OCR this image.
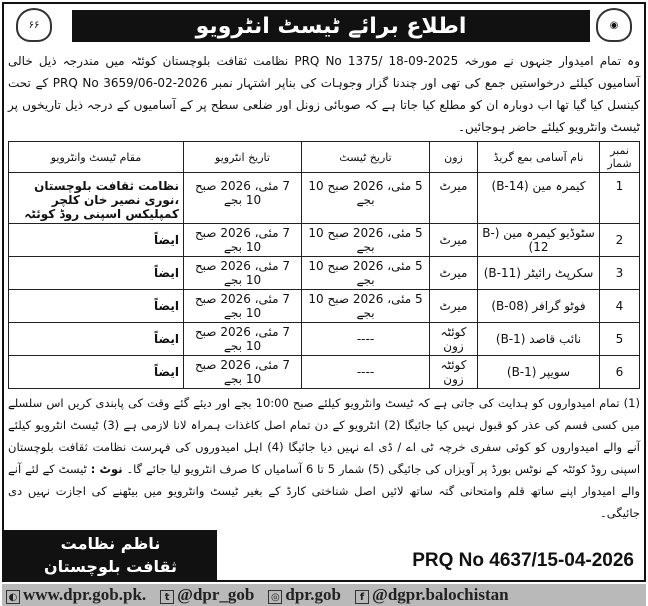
◉
۶۶	اطلاع برائے ٹیسٹ انٹرویو
وہ تمام امیدوار جنہوں نے مورخہ PRQ No 1375/ 18-09-2025 نظامت ثقافت بلوچستان کوئٹہ میں مندرجہ ذیل خالی آسامیوں کیلئے درخواستیں جمع کی تھی اور چندنا گزار وجوہات کی بناپر اشتہار نمبر PRQ No 3659/06-02-2026 کے تحت کینسل کیا گیا تھا اب دوبارہ ان کو مطلع کیا جاتا ہے کہ صوبائی زونل اور ضلعی سطح پر کے آسامیوں کے درجہ ذیل تاریخوں پر ٹیسٹ وانٹرویو کیلئے حاضر ہوجائیں۔
نمبر شمار	نام آسامی بمع گریڈ	زون	تاریخ ٹیسٹ	تاریخ انٹرویو	مقام ٹیسٹ وانٹرویو
1	کیمرہ مین (B-14)	میرٹ	5 مئی، 2026 صبح 10 بجے	7 مئی، 2026 صبح 10 بجے	نظامت ثقافت بلوچستان ،نوری نصیر خان کلچر کمپلیکس اسپنی روڈ کوئٹہ
2	سٹوڈیو کیمرہ مین (B-12)	میرٹ	5 مئی، 2026 صبح 10 بجے	7 مئی، 2026 صبح 10 بجے	ایضاً
3	سکرپٹ رائیٹر (B-11)	میرٹ	5 مئی، 2026 صبح 10 بجے	7 مئی، 2026 صبح 10 بجے	ایضاً
4	فوٹو گرافر (B-08)	میرٹ	5 مئی، 2026 صبح 10 بجے	7 مئی، 2026 صبح 10 بجے	ایضاً
5	نائب قاصد (B-1)	کوئٹہ زون	----	7 مئی، 2026 صبح 10 بجے	ایضاً
6	سویپر (B-1)	کوئٹہ زون	----	7 مئی، 2026 صبح 10 بجے	ایضاً
(1) تمام امیدواروں کو ہدایت کی جاتی ہے کہ ٹیسٹ وانٹرویو کیلئے صبح 10:00 بجے اور دیئے گئے وقت کی پابندی کریں اس سلسلے میں کسی قسم کی عذر کو قبول نہیں کیا جائیگا (2) انٹرویو کے دن تمام اصل کاغذات ہمراہ لانا لازمی ہے (3) ٹیسٹ انٹرویو کیلئے آنے والے امیدواروں کو کوئی سفری خرچہ ٹی اے / ڈی اے نہیں دیا جائیگا (4) اہل امیدوروں کی فہرست نظامت ثقافت بلوچستان اسپنی روڈ کوئٹہ کے نوٹس بورڈ پر آویزاں کی جائیگی (5) شمار 5 تا 6 آسامیاں کا صرف انٹرویو لیا جائے گا۔ نوٹ : ٹیسٹ کے لئے آنے والے امیدوار اپنے ساتھ قلم وامتحانی گتہ ساتھ لائیں اصل شناختی کارڈ کے بغیر ٹیسٹ وانٹرویو میں بیٹھنے کی اجازت نہیں دی جائیگی۔
ناظم نظامت
ثقافت بلوچستان	PRQ No 4637/15-04-2026
◐ www.dpr.gob.pk.	t @dpr_gob ◎ dpr.gob	f @dgpr.balochistan
